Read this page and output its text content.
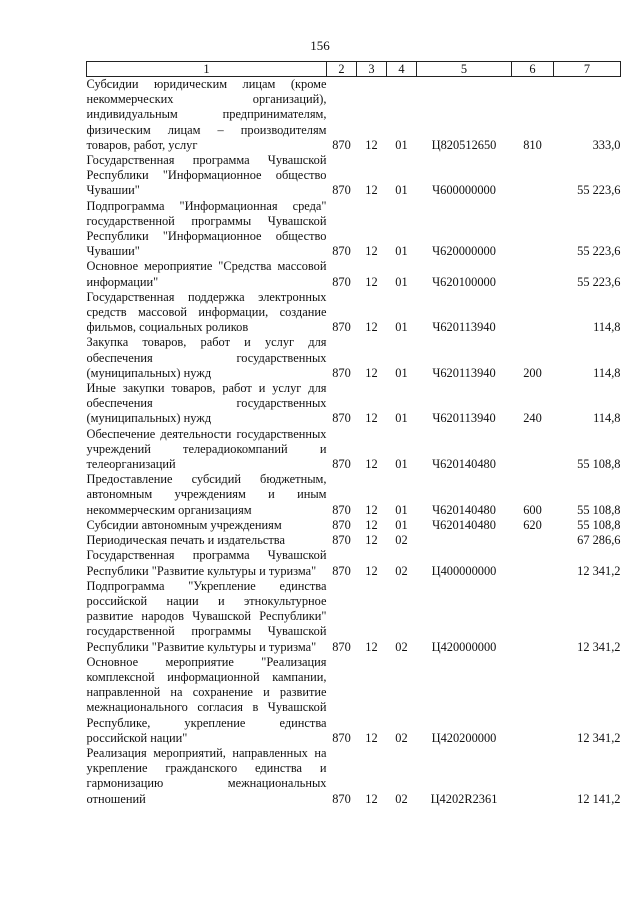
156
1	2	3	4	5	6	7
Субсидии юридическим лицам (кроме некоммерческих организаций), индивидуальным предпринимателям, физическим лицам – производителям товаров, работ, услуг	870	12	01	Ц820512650	810	333,0
Государственная программа Чувашской Республики "Информационное общество Чувашии"	870	12	01	Ч600000000		55 223,6
Подпрограмма "Информационная среда" государственной программы Чувашской Республики "Информационное общество Чувашии"	870	12	01	Ч620000000		55 223,6
Основное мероприятие "Средства массовой информации"	870	12	01	Ч620100000		55 223,6
Государственная поддержка электронных средств массовой информации, создание фильмов, социальных роликов	870	12	01	Ч620113940		114,8
Закупка товаров, работ и услуг для обеспечения государственных (муниципальных) нужд	870	12	01	Ч620113940	200	114,8
Иные закупки товаров, работ и услуг для обеспечения государственных (муниципальных) нужд	870	12	01	Ч620113940	240	114,8
Обеспечение деятельности государственных учреждений телерадиокомпаний и телеорганизаций	870	12	01	Ч620140480		55 108,8
Предоставление субсидий бюджетным, автономным учреждениям и иным некоммерческим организациям	870	12	01	Ч620140480	600	55 108,8
Субсидии автономным учреждениям	870	12	01	Ч620140480	620	55 108,8
Периодическая печать и издательства	870	12	02			67 286,6
Государственная программа Чувашской Республики "Развитие культуры и туризма"	870	12	02	Ц400000000		12 341,2
Подпрограмма "Укрепление единства российской нации и этнокультурное развитие народов Чувашской Республики" государственной программы Чувашской Республики "Развитие культуры и туризма"	870	12	02	Ц420000000		12 341,2
Основное мероприятие "Реализация комплексной информационной кампании, направленной на сохранение и развитие межнационального согласия в Чувашской Республике, укрепление единства российской нации"	870	12	02	Ц420200000		12 341,2
Реализация мероприятий, направленных на укрепление гражданского единства и гармонизацию межнациональных отношений	870	12	02	Ц4202R2361		12 141,2
